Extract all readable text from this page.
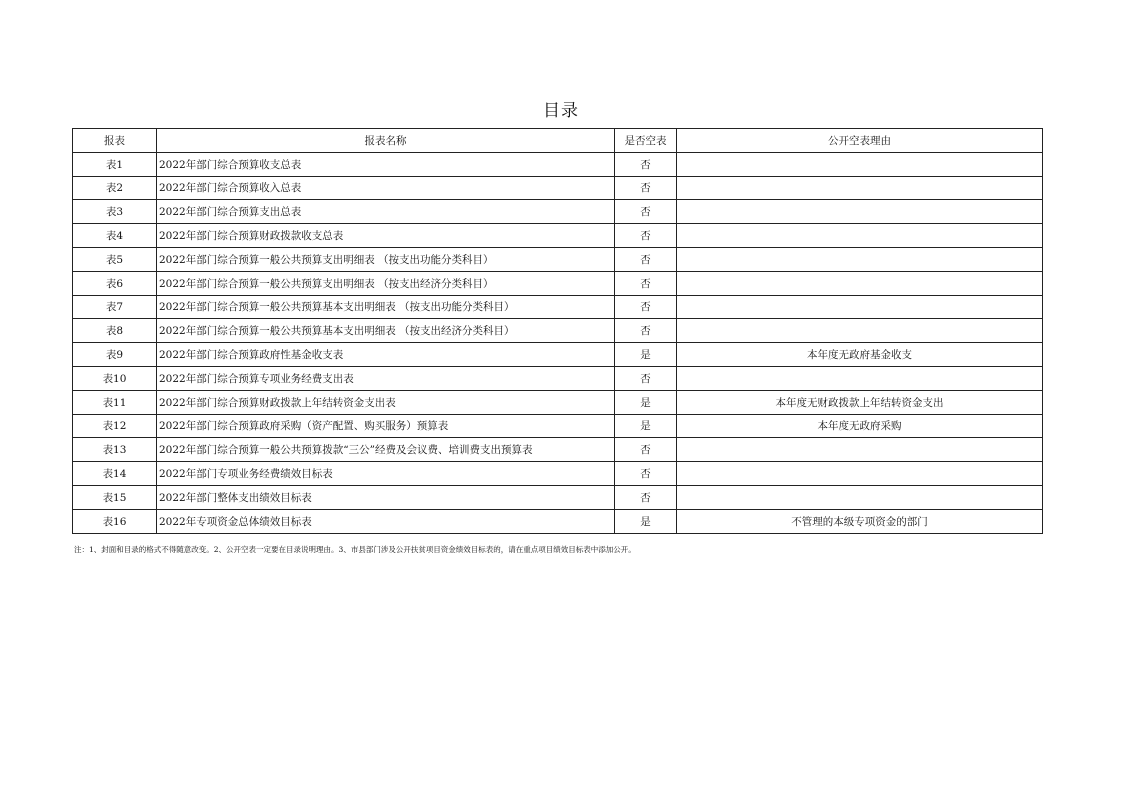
目录
报表	报表名称	是否空表	公开空表理由
表1	2022年部门综合预算收支总表	否	
表2	2022年部门综合预算收入总表	否	
表3	2022年部门综合预算支出总表	否	
表4	2022年部门综合预算财政拨款收支总表	否	
表5	2022年部门综合预算一般公共预算支出明细表 （按支出功能分类科目）	否	
表6	2022年部门综合预算一般公共预算支出明细表 （按支出经济分类科目）	否	
表7	2022年部门综合预算一般公共预算基本支出明细表 （按支出功能分类科目）	否	
表8	2022年部门综合预算一般公共预算基本支出明细表 （按支出经济分类科目）	否	
表9	2022年部门综合预算政府性基金收支表	是	本年度无政府基金收支
表10	2022年部门综合预算专项业务经费支出表	否	
表11	2022年部门综合预算财政拨款上年结转资金支出表	是	本年度无财政拨款上年结转资金支出
表12	2022年部门综合预算政府采购（资产配置、购买服务）预算表	是	本年度无政府采购
表13	2022年部门综合预算一般公共预算拨款“三公”经费及会议费、培训费支出预算表	否	
表14	2022年部门专项业务经费绩效目标表	否	
表15	2022年部门整体支出绩效目标表	否	
表16	2022年专项资金总体绩效目标表	是	不管理的本级专项资金的部门
注：1、封面和目录的格式不得随意改变。2、公开空表一定要在目录说明理由。3、市县部门涉及公开扶贫项目资金绩效目标表的，请在重点项目绩效目标表中添加公开。
